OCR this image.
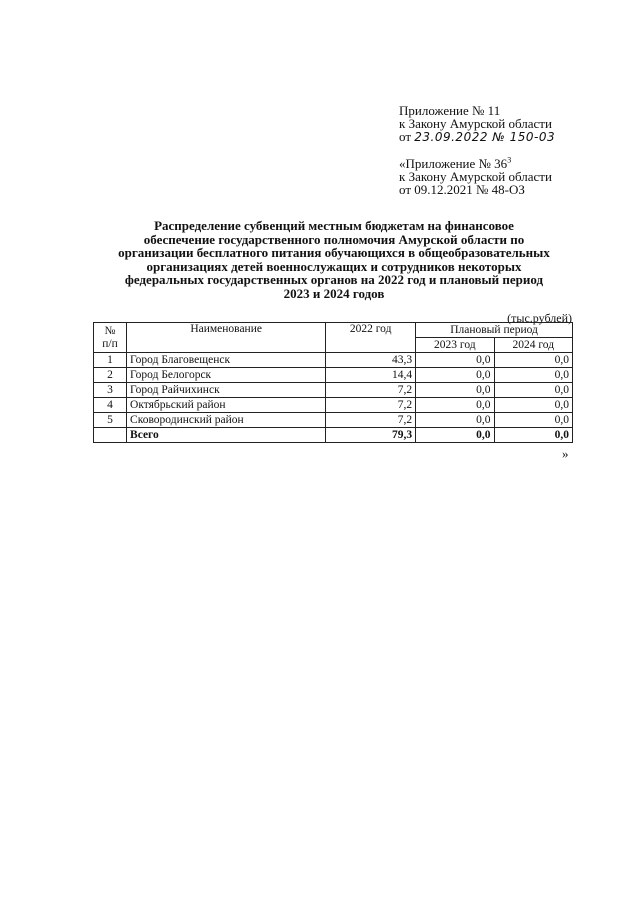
Приложение № 11
к Закону Амурской области
от 23.09.2022 № 150-03
«Приложение № $36^3$
к Закону Амурской области
от 09.12.2021 № 48-ОЗ
Распределение субвенций местным бюджетам на финансовое
обеспечение государственного полномочия Амурской области по
организации бесплатного питания обучающихся в общеобразовательных
организациях детей военнослужащих и сотрудников некоторых
федеральных государственных органов на 2022 год и плановый период
2023 и 2024 годов
(тыс.рублей)
№
п/п	Наименование	2022 год	Плановый период	
			2023 год	2024 год
1	Город Благовещенск	43,3	0,0	0,0
2	Город Белогорск	14,4	0,0	0,0
3	Город Райчихинск	7,2	0,0	0,0
4	Октябрьский район	7,2	0,0	0,0
5	Сковородинский район	7,2	0,0	0,0
	Всего	79,3	0,0	0,0
»
